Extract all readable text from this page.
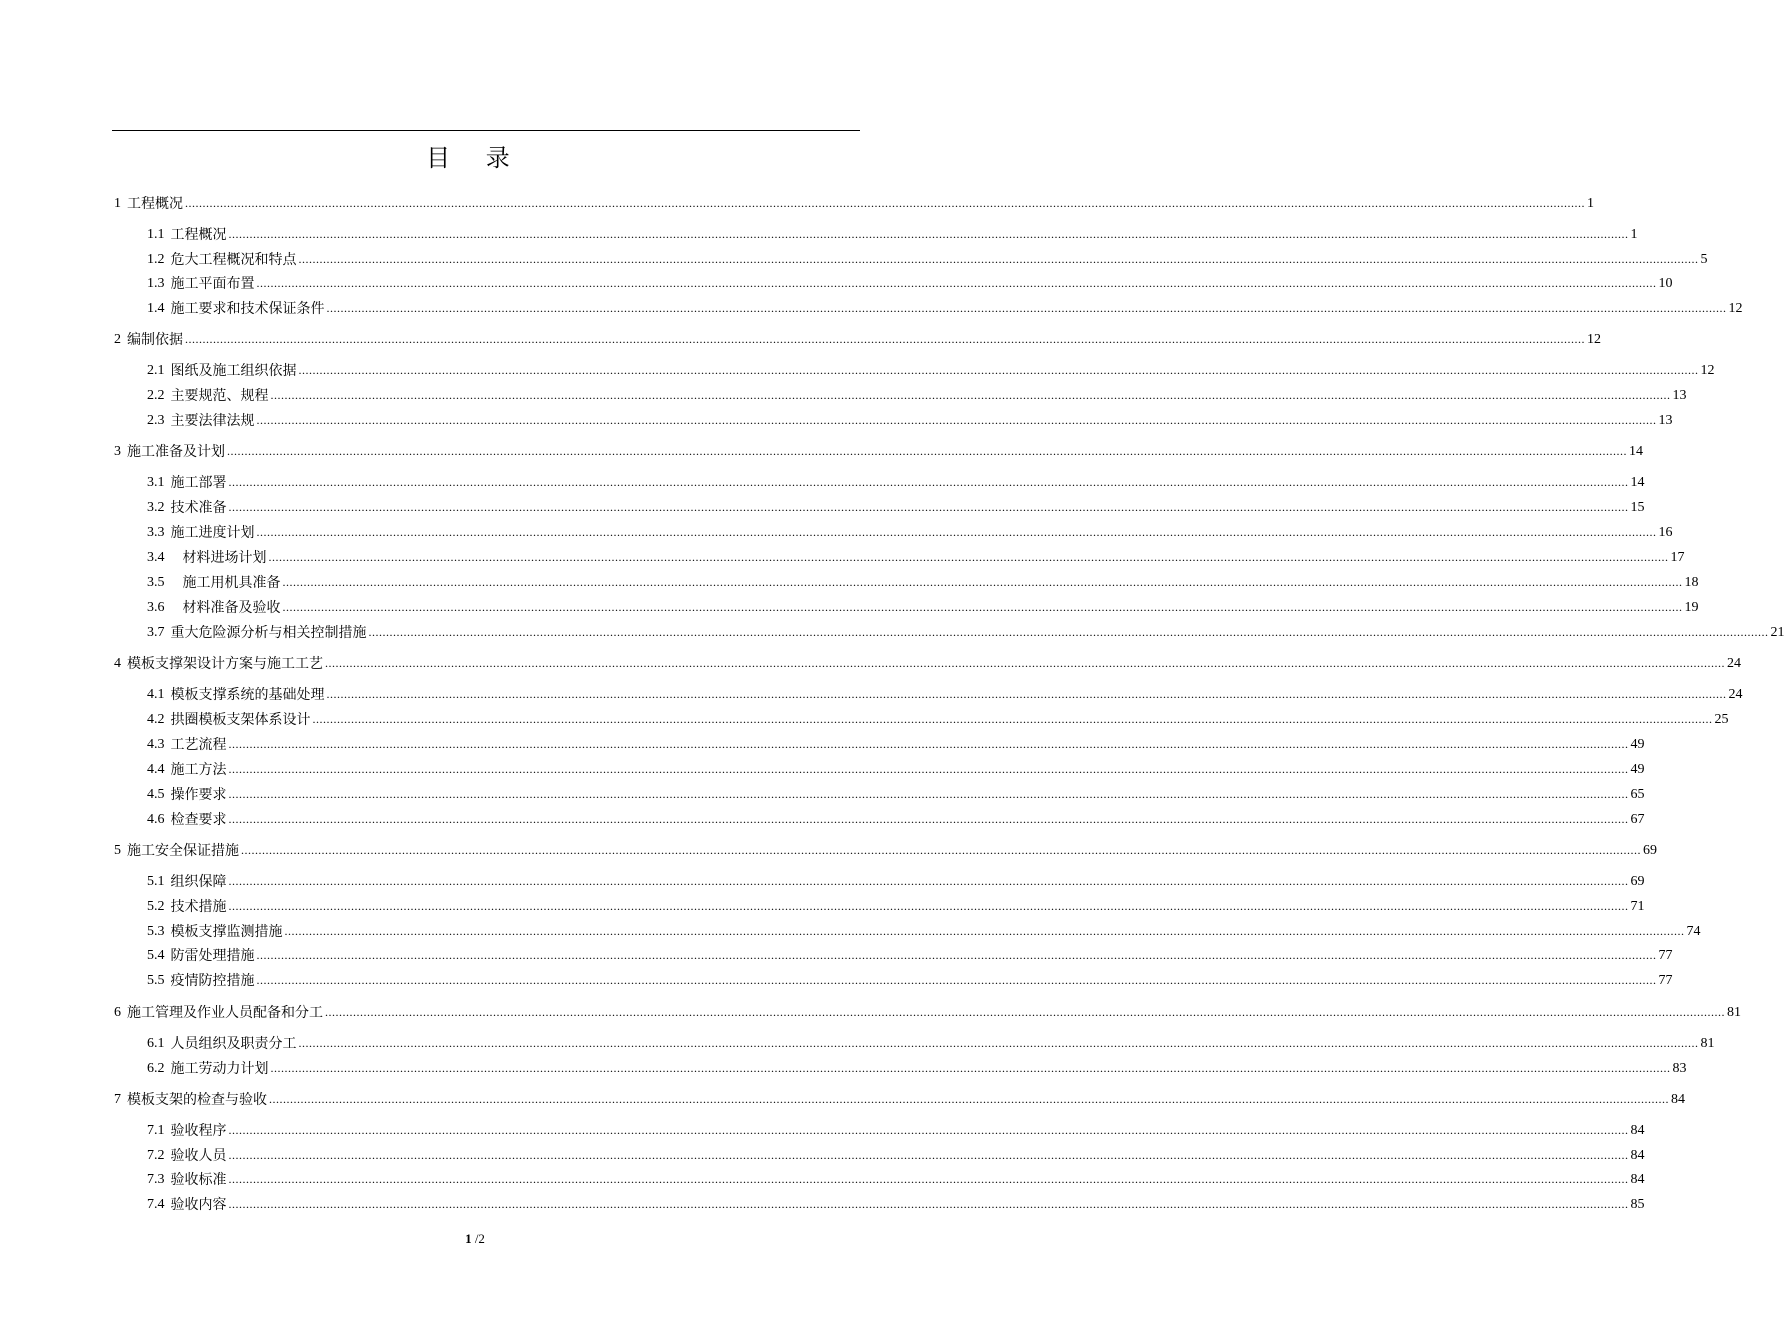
目 录
1 工程概况 ................................................................................................................................................................................................................................................................................................................................................................................................................ 1
1.1 工程概况 ................................................................................................................................................................................................................................................................................................................................................................................................................ 1
1.2 危大工程概况和特点 ................................................................................................................................................................................................................................................................................................................................................................................................................ 5
1.3 施工平面布置 ................................................................................................................................................................................................................................................................................................................................................................................................................ 10
1.4 施工要求和技术保证条件 ................................................................................................................................................................................................................................................................................................................................................................................................................ 12
2 编制依据 ................................................................................................................................................................................................................................................................................................................................................................................................................ 12
2.1 图纸及施工组织依据 ................................................................................................................................................................................................................................................................................................................................................................................................................ 12
2.2 主要规范、规程 ................................................................................................................................................................................................................................................................................................................................................................................................................ 13
2.3 主要法律法规 ................................................................................................................................................................................................................................................................................................................................................................................................................ 13
3 施工准备及计划 ................................................................................................................................................................................................................................................................................................................................................................................................................ 14
3.1 施工部署 ................................................................................................................................................................................................................................................................................................................................................................................................................ 14
3.2 技术准备 ................................................................................................................................................................................................................................................................................................................................................................................................................ 15
3.3 施工进度计划 ................................................................................................................................................................................................................................................................................................................................................................................................................ 16
3.4	材料进场计划 ................................................................................................................................................................................................................................................................................................................................................................................................................ 17
3.5	施工用机具准备 ................................................................................................................................................................................................................................................................................................................................................................................................................ 18
3.6	材料准备及验收 ................................................................................................................................................................................................................................................................................................................................................................................................................ 19
3.7 重大危险源分析与相关控制措施 ................................................................................................................................................................................................................................................................................................................................................................................................................ 21
4 模板支撑架设计方案与施工工艺 ................................................................................................................................................................................................................................................................................................................................................................................................................ 24
4.1 模板支撑系统的基础处理 ................................................................................................................................................................................................................................................................................................................................................................................................................ 24
4.2 拱圈模板支架体系设计 ................................................................................................................................................................................................................................................................................................................................................................................................................ 25
4.3 工艺流程 ................................................................................................................................................................................................................................................................................................................................................................................................................ 49
4.4 施工方法 ................................................................................................................................................................................................................................................................................................................................................................................................................ 49
4.5 操作要求 ................................................................................................................................................................................................................................................................................................................................................................................................................ 65
4.6 检查要求 ................................................................................................................................................................................................................................................................................................................................................................................................................ 67
5 施工安全保证措施 ................................................................................................................................................................................................................................................................................................................................................................................................................ 69
5.1 组织保障 ................................................................................................................................................................................................................................................................................................................................................................................................................ 69
5.2 技术措施 ................................................................................................................................................................................................................................................................................................................................................................................................................ 71
5.3 模板支撑监测措施 ................................................................................................................................................................................................................................................................................................................................................................................................................ 74
5.4 防雷处理措施 ................................................................................................................................................................................................................................................................................................................................................................................................................ 77
5.5 疫情防控措施 ................................................................................................................................................................................................................................................................................................................................................................................................................ 77
6 施工管理及作业人员配备和分工 ................................................................................................................................................................................................................................................................................................................................................................................................................ 81
6.1 人员组织及职责分工 ................................................................................................................................................................................................................................................................................................................................................................................................................ 81
6.2 施工劳动力计划 ................................................................................................................................................................................................................................................................................................................................................................................................................ 83
7 模板支架的检查与验收 ................................................................................................................................................................................................................................................................................................................................................................................................................ 84
7.1 验收程序 ................................................................................................................................................................................................................................................................................................................................................................................................................ 84
7.2 验收人员 ................................................................................................................................................................................................................................................................................................................................................................................................................ 84
7.3 验收标准 ................................................................................................................................................................................................................................................................................................................................................................................................................ 84
7.4 验收内容 ................................................................................................................................................................................................................................................................................................................................................................................................................ 85
1 /2
